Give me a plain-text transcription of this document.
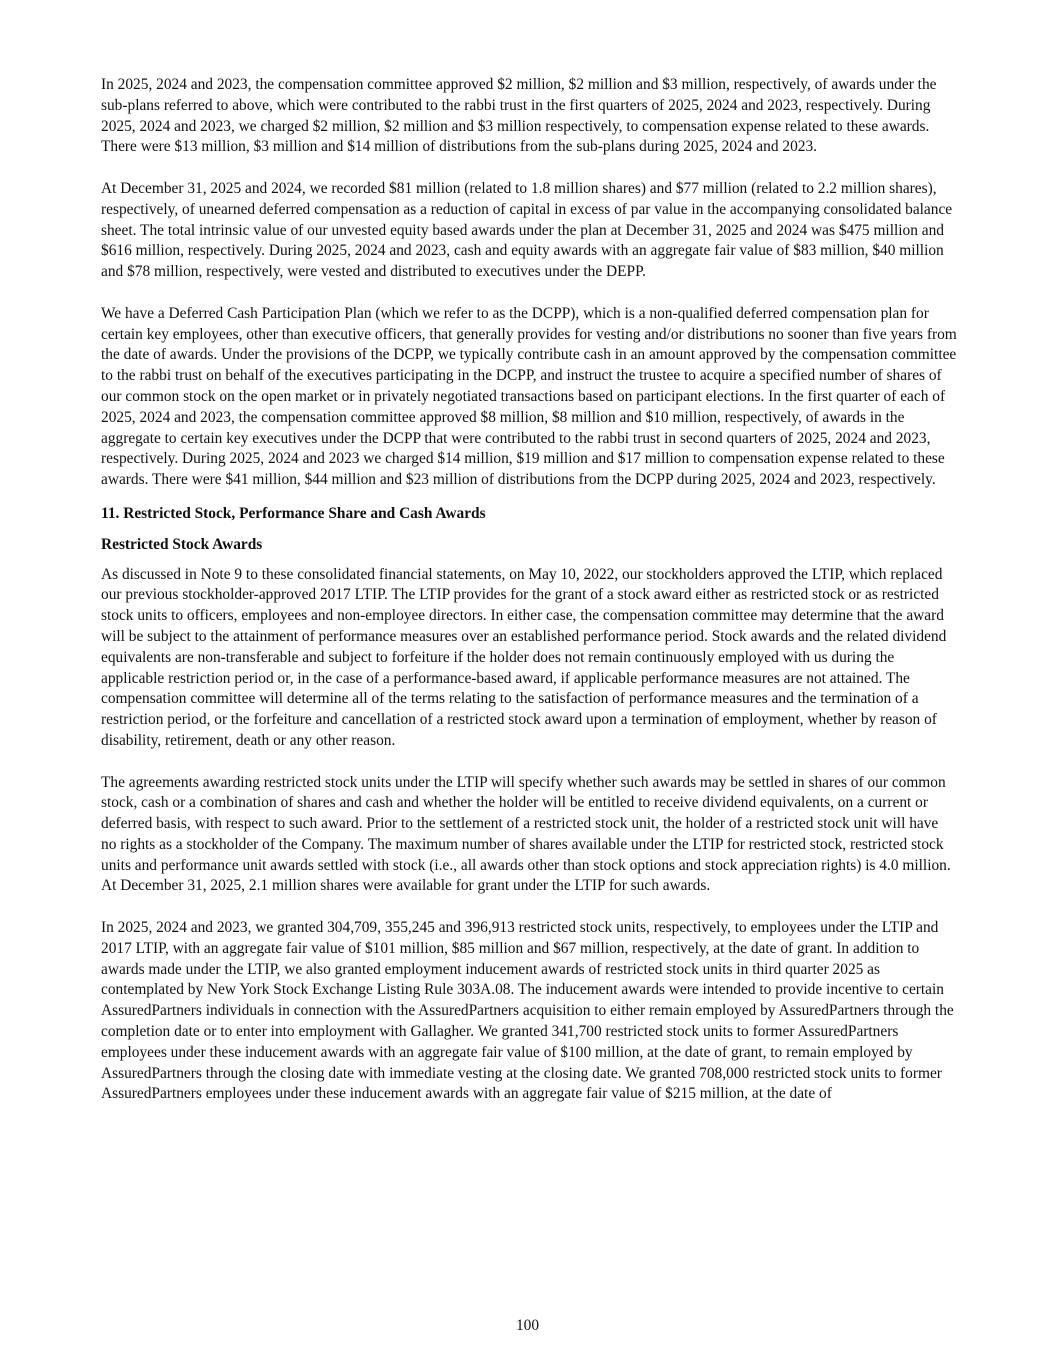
In 2025, 2024 and 2023, the compensation committee approved $2 million, $2 million and $3 million, respectively, of awards under the sub-plans referred to above, which were contributed to the rabbi trust in the first quarters of 2025, 2024 and 2023, respectively. During 2025, 2024 and 2023, we charged $2 million, $2 million and $3 million respectively, to compensation expense related to these awards. There were $13 million, $3 million and $14 million of distributions from the sub-plans during 2025, 2024 and 2023.

At December 31, 2025 and 2024, we recorded $81 million (related to 1.8 million shares) and $77 million (related to 2.2 million shares), respectively, of unearned deferred compensation as a reduction of capital in excess of par value in the accompanying consolidated balance sheet. The total intrinsic value of our unvested equity based awards under the plan at December 31, 2025 and 2024 was $475 million and $616 million, respectively. During 2025, 2024 and 2023, cash and equity awards with an aggregate fair value of $83 million, $40 million and $78 million, respectively, were vested and distributed to executives under the DEPP.

We have a Deferred Cash Participation Plan (which we refer to as the DCPP), which is a non-qualified deferred compensation plan for certain key employees, other than executive officers, that generally provides for vesting and/or distributions no sooner than five years from the date of awards. Under the provisions of the DCPP, we typically contribute cash in an amount approved by the compensation committee to the rabbi trust on behalf of the executives participating in the DCPP, and instruct the trustee to acquire a specified number of shares of our common stock on the open market or in privately negotiated transactions based on participant elections. In the first quarter of each of 2025, 2024 and 2023, the compensation committee approved $8 million, $8 million and $10 million, respectively, of awards in the aggregate to certain key executives under the DCPP that were contributed to the rabbi trust in second quarters of 2025, 2024 and 2023, respectively. During 2025, 2024 and 2023 we charged $14 million, $19 million and $17 million to compensation expense related to these awards. There were $41 million, $44 million and $23 million of distributions from the DCPP during 2025, 2024 and 2023, respectively.

11. Restricted Stock, Performance Share and Cash Awards
Restricted Stock Awards

As discussed in Note 9 to these consolidated financial statements, on May 10, 2022, our stockholders approved the LTIP, which replaced our previous stockholder-approved 2017 LTIP. The LTIP provides for the grant of a stock award either as restricted stock or as restricted stock units to officers, employees and non-employee directors. In either case, the compensation committee may determine that the award will be subject to the attainment of performance measures over an established performance period. Stock awards and the related dividend equivalents are non-transferable and subject to forfeiture if the holder does not remain continuously employed with us during the applicable restriction period or, in the case of a performance-based award, if applicable performance measures are not attained. The compensation committee will determine all of the terms relating to the satisfaction of performance measures and the termination of a restriction period, or the forfeiture and cancellation of a restricted stock award upon a termination of employment, whether by reason of disability, retirement, death or any other reason.

The agreements awarding restricted stock units under the LTIP will specify whether such awards may be settled in shares of our common stock, cash or a combination of shares and cash and whether the holder will be entitled to receive dividend equivalents, on a current or deferred basis, with respect to such award. Prior to the settlement of a restricted stock unit, the holder of a restricted stock unit will have no rights as a stockholder of the Company. The maximum number of shares available under the LTIP for restricted stock, restricted stock units and performance unit awards settled with stock (i.e., all awards other than stock options and stock appreciation rights) is 4.0 million. At December 31, 2025, 2.1 million shares were available for grant under the LTIP for such awards.

In 2025, 2024 and 2023, we granted 304,709, 355,245 and 396,913 restricted stock units, respectively, to employees under the LTIP and 2017 LTIP, with an aggregate fair value of $101 million, $85 million and $67 million, respectively, at the date of grant. In addition to awards made under the LTIP, we also granted employment inducement awards of restricted stock units in third quarter 2025 as contemplated by New York Stock Exchange Listing Rule 303A.08. The inducement awards were intended to provide incentive to certain AssuredPartners individuals in connection with the AssuredPartners acquisition to either remain employed by AssuredPartners through the completion date or to enter into employment with Gallagher. We granted 341,700 restricted stock units to former AssuredPartners employees under these inducement awards with an aggregate fair value of $100 million, at the date of grant, to remain employed by AssuredPartners through the closing date with immediate vesting at the closing date. We granted 708,000 restricted stock units to former AssuredPartners employees under these inducement awards with an aggregate fair value of $215 million, at the date of

100
